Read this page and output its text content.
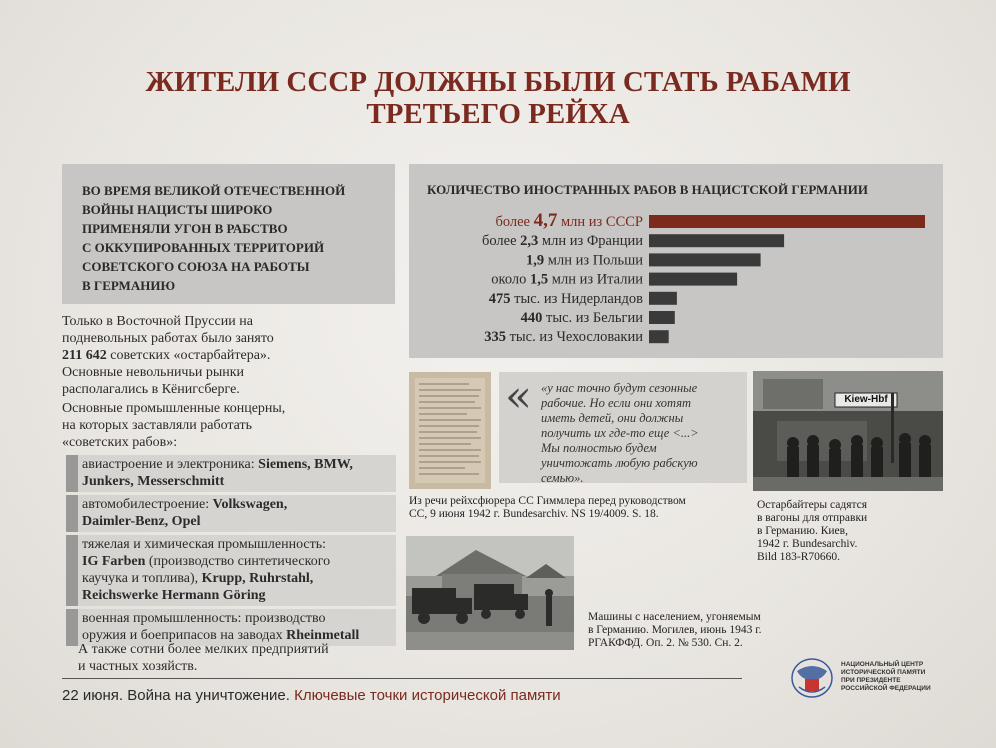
ЖИТЕЛИ СССР ДОЛЖНЫ БЫЛИ СТАТЬ РАБАМИ
ТРЕТЬЕГО РЕЙХА
ВО ВРЕМЯ ВЕЛИКОЙ ОТЕЧЕСТВЕННОЙ
ВОЙНЫ НАЦИСТЫ ШИРОКО
ПРИМЕНЯЛИ УГОН В РАБСТВО
С ОККУПИРОВАННЫХ ТЕРРИТОРИЙ
СОВЕТСКОГО СОЮЗА НА РАБОТЫ
В ГЕРМАНИЮ
Только в Восточной Пруссии на
подневольных работах было занято
211 642 советских «остарбайтера».
Основные невольничьи рынки
располагались в Кёнигсберге.
Основные промышленные концерны,
на которых заставляли работать
«советских рабов»:
авиастроение и электроника: Siemens, BMW,
Junkers, Messerschmitt
автомобилестроение: Volkswagen,
Daimler-Benz, Opel
тяжелая и химическая промышленность:
IG Farben (производство синтетического
каучука и топлива), Krupp, Ruhrstahl,
Reichswerke Hermann Göring
военная промышленность: производство
оружия и боеприпасов на заводах Rheinmetall
А также сотни более мелких предприятий
и частных хозяйств.
КОЛИЧЕСТВО ИНОСТРАННЫХ РАБОВ В НАЦИСТСКОЙ ГЕРМАНИИ
более 4,7 млн из СССР
более 2,3 млн из Франции
1,9 млн из Польши
около 1,5 млн из Италии
475 тыс. из Нидерландов
440 тыс. из Бельгии
335 тыс. из Чехословакии
« «у нас точно будут сезонные
рабочие. Но если они хотят
иметь детей, они должны
получить их где-то еще <...>
Мы полностью будем
уничтожать любую рабскую
семью».
Из речи рейхсфюрера СС Гиммлера перед руководством
СС, 9 июня 1942 г. Bundesarchiv. NS 19/4009. S. 18.
Kiew-Hbf
Остарбайтеры садятся
в вагоны для отправки
в Германию. Киев,
1942 г. Bundesarchiv.
Bild 183-R70660.
Машины с населением, угоняемым
в Германию. Могилев, июнь 1943 г.
РГАКФФД. Оп. 2. № 530. Сн. 2.
22 июня. Война на уничтожение. Ключевые точки исторической памяти
НАЦИОНАЛЬНЫЙ ЦЕНТР
ИСТОРИЧЕСКОЙ ПАМЯТИ
ПРИ ПРЕЗИДЕНТЕ
РОССИЙСКОЙ ФЕДЕРАЦИИ
